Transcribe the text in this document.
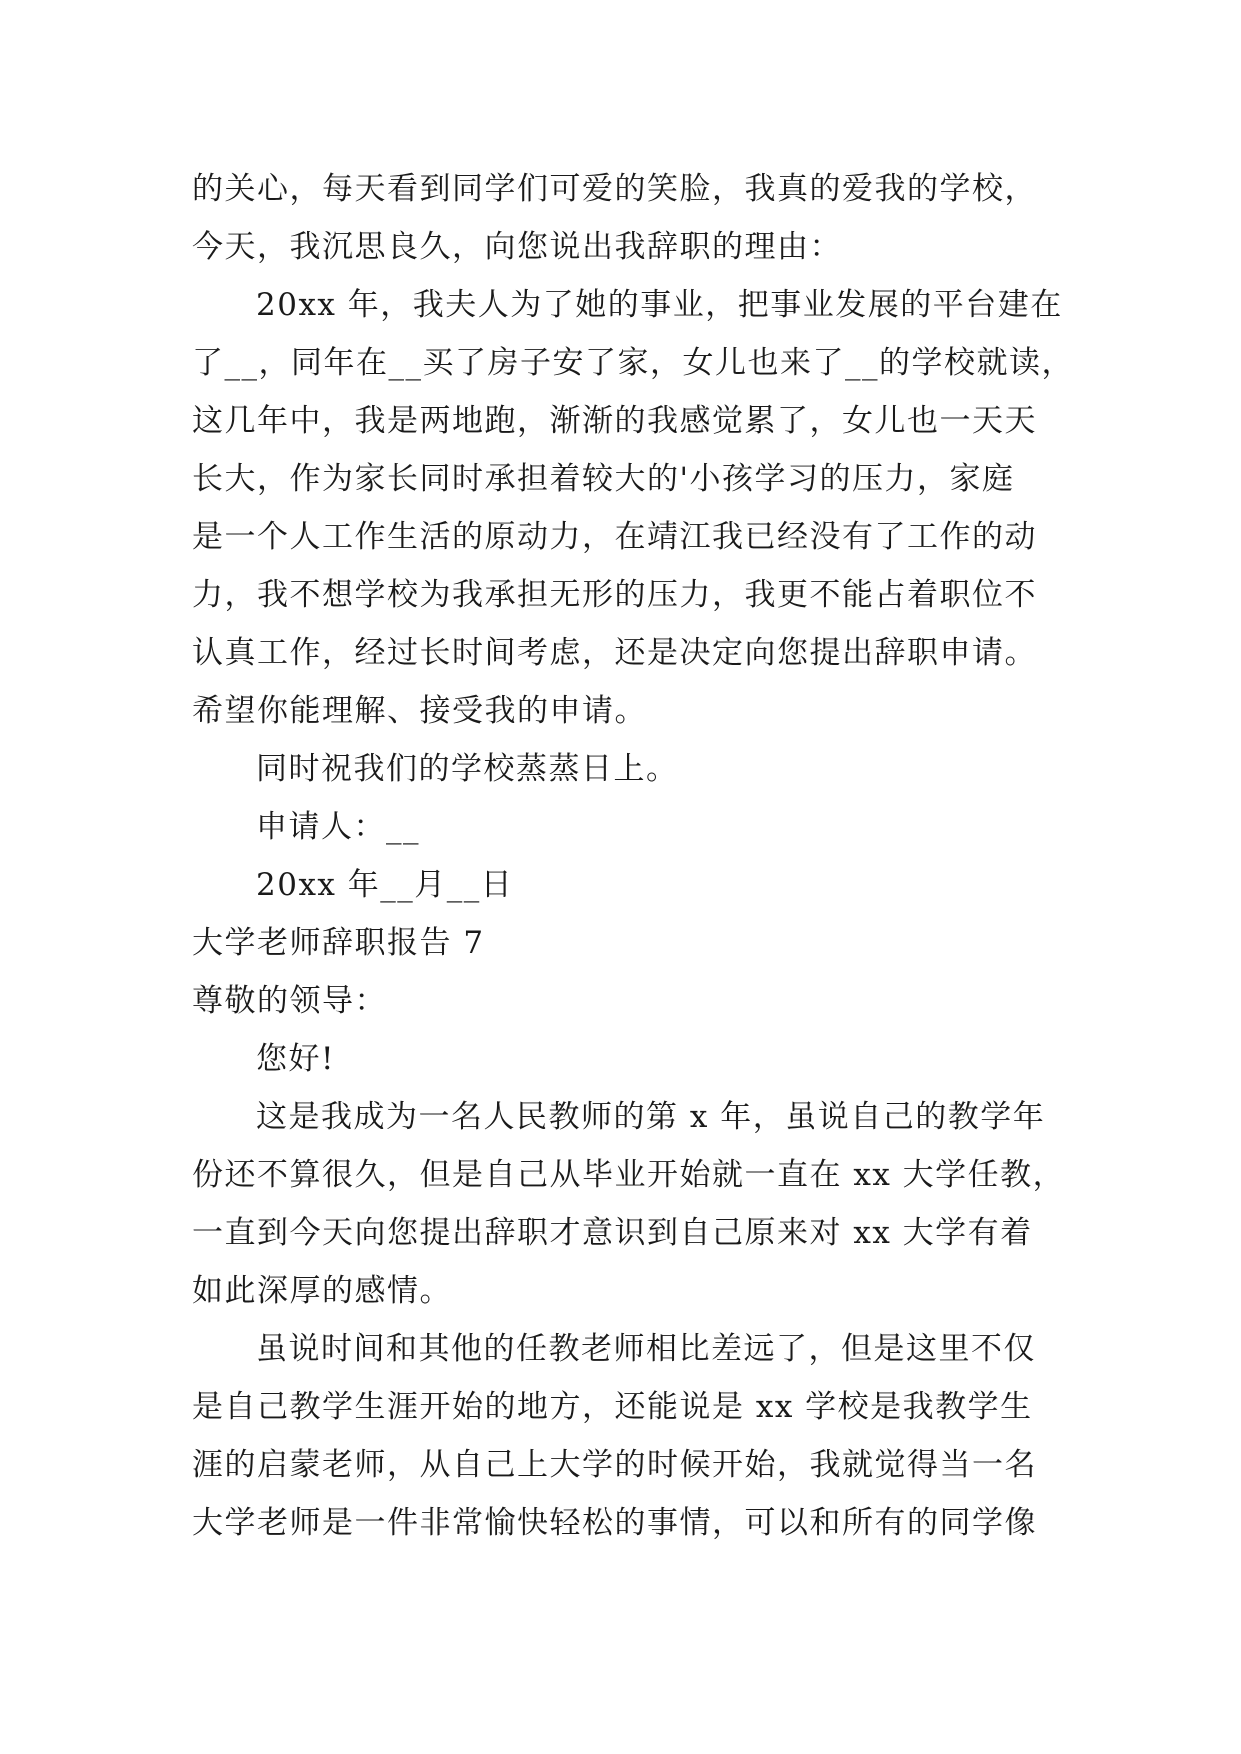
的关心，每天看到同学们可爱的笑脸，我真的爱我的学校，
今天，我沉思良久，向您说出我辞职的理由：
20xx 年，我夫人为了她的事业，把事业发展的平台建在
了__，同年在__买了房子安了家，女儿也来了__的学校就读，
这几年中，我是两地跑，渐渐的我感觉累了，女儿也一天天
长大，作为家长同时承担着较大的'小孩学习的压力，家庭
是一个人工作生活的原动力，在靖江我已经没有了工作的动
力，我不想学校为我承担无形的压力，我更不能占着职位不
认真工作，经过长时间考虑，还是决定向您提出辞职申请。
希望你能理解、接受我的申请。
同时祝我们的学校蒸蒸日上。
申请人：__
20xx 年__月__日
大学老师辞职报告 7
尊敬的领导：
您好!
这是我成为一名人民教师的第 x 年，虽说自己的教学年
份还不算很久，但是自己从毕业开始就一直在 xx 大学任教，
一直到今天向您提出辞职才意识到自己原来对 xx 大学有着
如此深厚的感情。
虽说时间和其他的任教老师相比差远了，但是这里不仅
是自己教学生涯开始的地方，还能说是 xx 学校是我教学生
涯的启蒙老师，从自己上大学的时候开始，我就觉得当一名
大学老师是一件非常愉快轻松的事情，可以和所有的同学像
